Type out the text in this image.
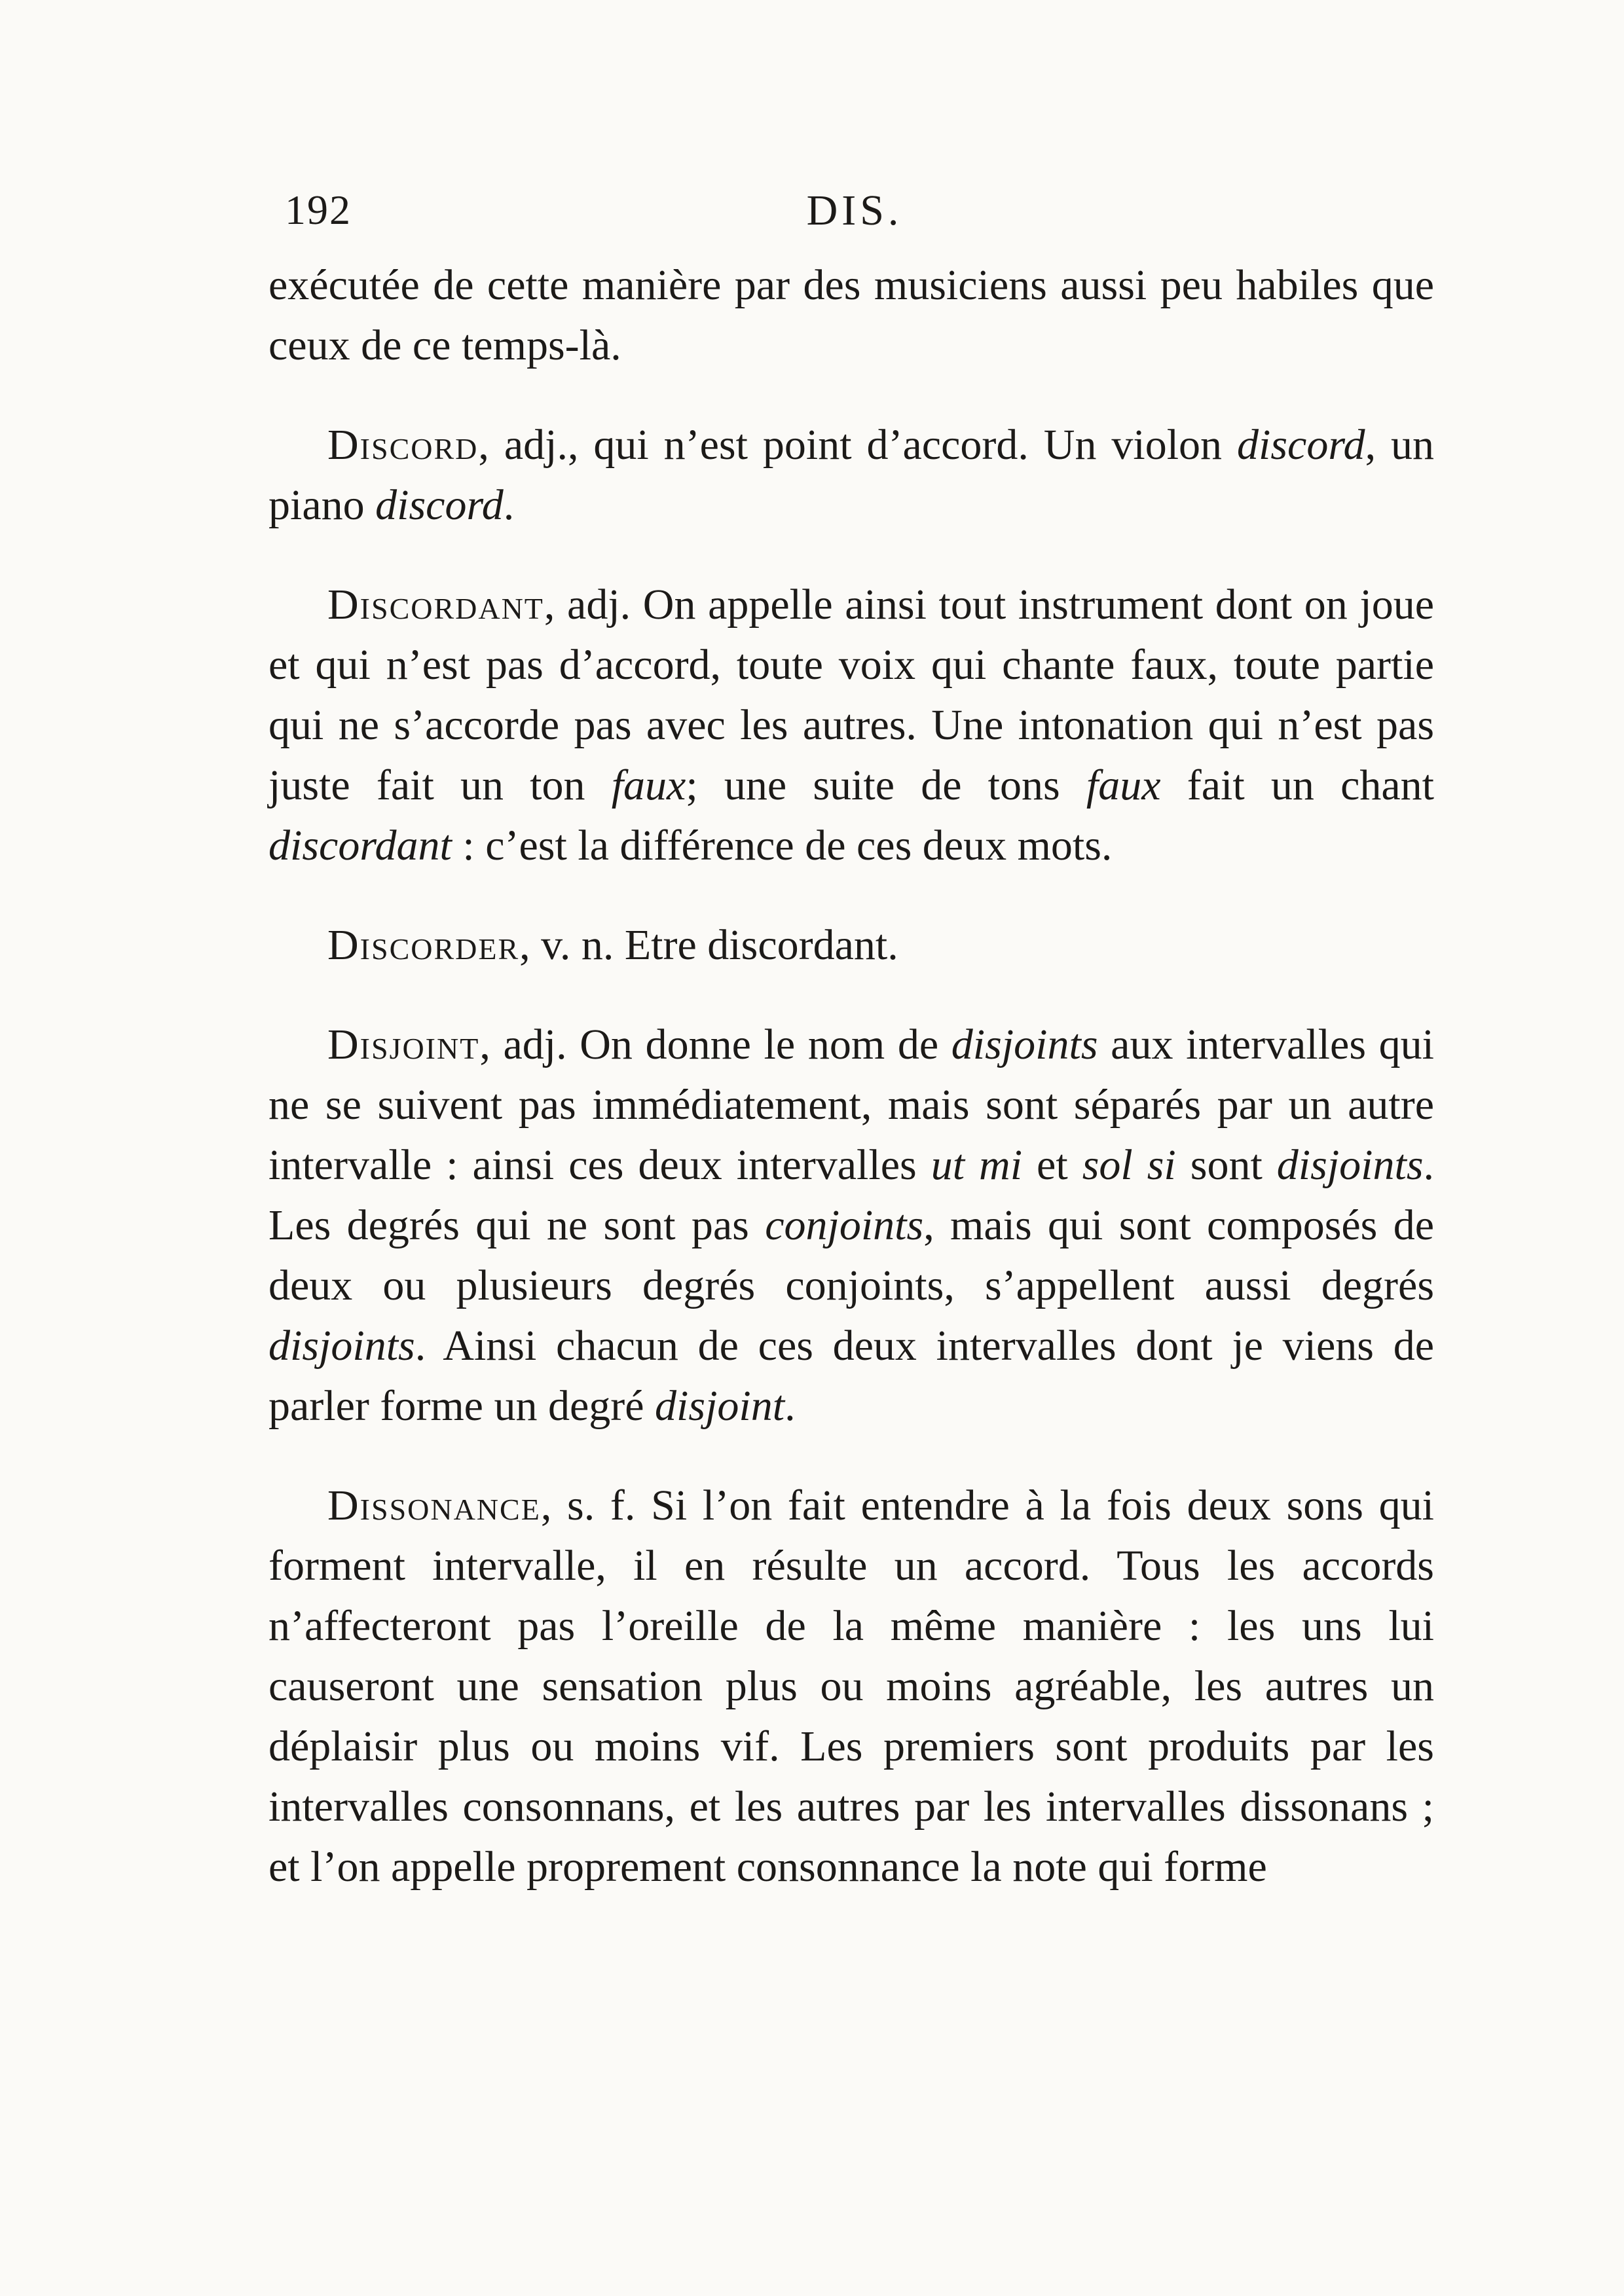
192	DIS.

exécutée de cette manière par des musiciens aussi peu habiles que ceux de ce temps-là.

Discord, adj., qui n’est point d’accord. Un violon discord, un piano discord.

Discordant, adj. On appelle ainsi tout instrument dont on joue et qui n’est pas d’accord, toute voix qui chante faux, toute partie qui ne s’accorde pas avec les autres. Une intonation qui n’est pas juste fait un ton faux; une suite de tons faux fait un chant discordant : c’est la différence de ces deux mots.

Discorder, v. n. Etre discordant.

Disjoint, adj. On donne le nom de disjoints aux intervalles qui ne se suivent pas immédiatement, mais sont séparés par un autre intervalle : ainsi ces deux intervalles ut mi et sol si sont disjoints. Les degrés qui ne sont pas conjoints, mais qui sont composés de deux ou plusieurs degrés conjoints, s’appellent aussi degrés disjoints. Ainsi chacun de ces deux intervalles dont je viens de parler forme un degré disjoint.

Dissonance, s. f. Si l’on fait entendre à la fois deux sons qui forment intervalle, il en résulte un accord. Tous les accords n’affecteront pas l’oreille de la même manière : les uns lui causeront une sensation plus ou moins agréable, les autres un déplaisir plus ou moins vif. Les premiers sont produits par les intervalles consonnans, et les autres par les intervalles dissonans ; et l’on appelle proprement consonnance la note qui forme
